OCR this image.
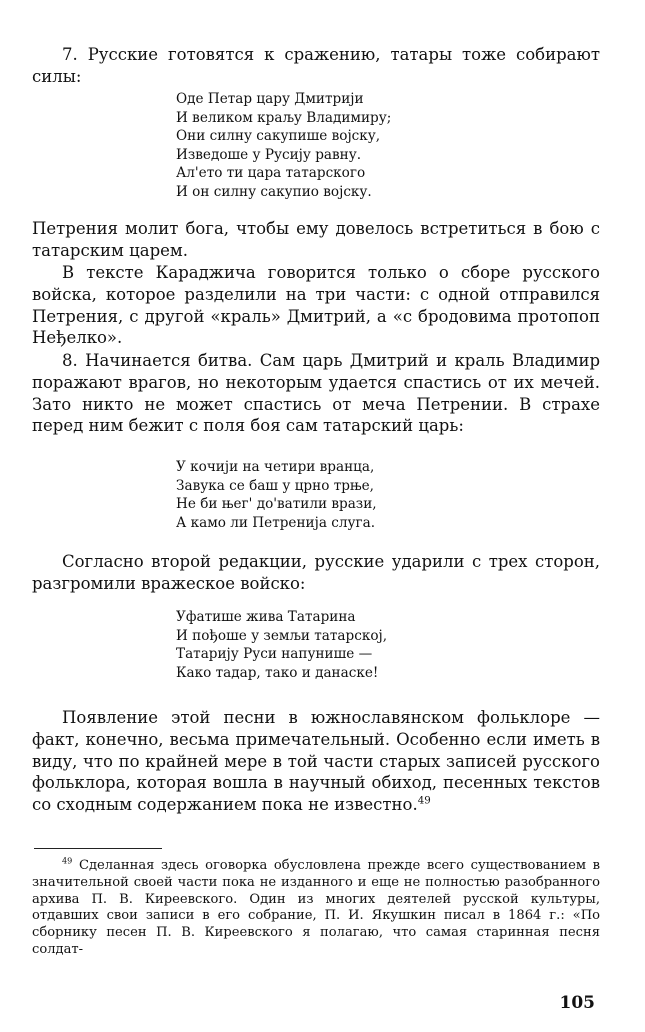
7. Русские готовятся к сражению, татары тоже собирают силы:

Оде Петар цару Дмитрији
И великом краљу Владимиру;
Они силну сакупише војску,
Изведоше у Русију равну.
Ал'ето ти цара татарского
И он силну сакупио војску.

Петрения молит бога, чтобы ему довелось встретиться в бою с татарским царем.

В тексте Караджича говорится только о сборе русского войска, которое разделили на три части: с одной отправился Петрения, с другой «краль» Дмитрий, а «с бродовима протопоп Неђелко».

8. Начинается битва. Сам царь Дмитрий и краль Владимир поражают врагов, но некоторым удается спастись от их мечей. Зато никто не может спастись от меча Петрении. В страхе перед ним бежит с поля боя сам татарский царь:

У кочији на четири вранца,
Завука се баш у црно трње,
Не би њег' до'ватили врази,
А камо ли Петренија слуга.

Согласно второй редакции, русские ударили с трех сторон, разгромили вражеское войско:

Уфатише жива Татарина
И пођоше у земљи татарској,
Татарију Руси напунише —
Како тадар, тако и данаске!

Появление этой песни в южнославянском фольклоре — факт, конечно, весьма примечательный. Особенно если иметь в виду, что по крайней мере в той части старых записей русского фольклора, которая вошла в научный обиход, песенных текстов со сходным содержанием пока не известно.$^{49}$

$^{49}$ Сделанная здесь оговорка обусловлена прежде всего существованием в значительной своей части пока не изданного и еще не полностью разобранного архива П. В. Киреевского. Один из многих деятелей русской культуры, отдавших свои записи в его собрание, П. И. Якушкин писал в 1864 г.: «По сборнику песен П. В. Киреевского я полагаю, что самая старинная песня солдат-

105
